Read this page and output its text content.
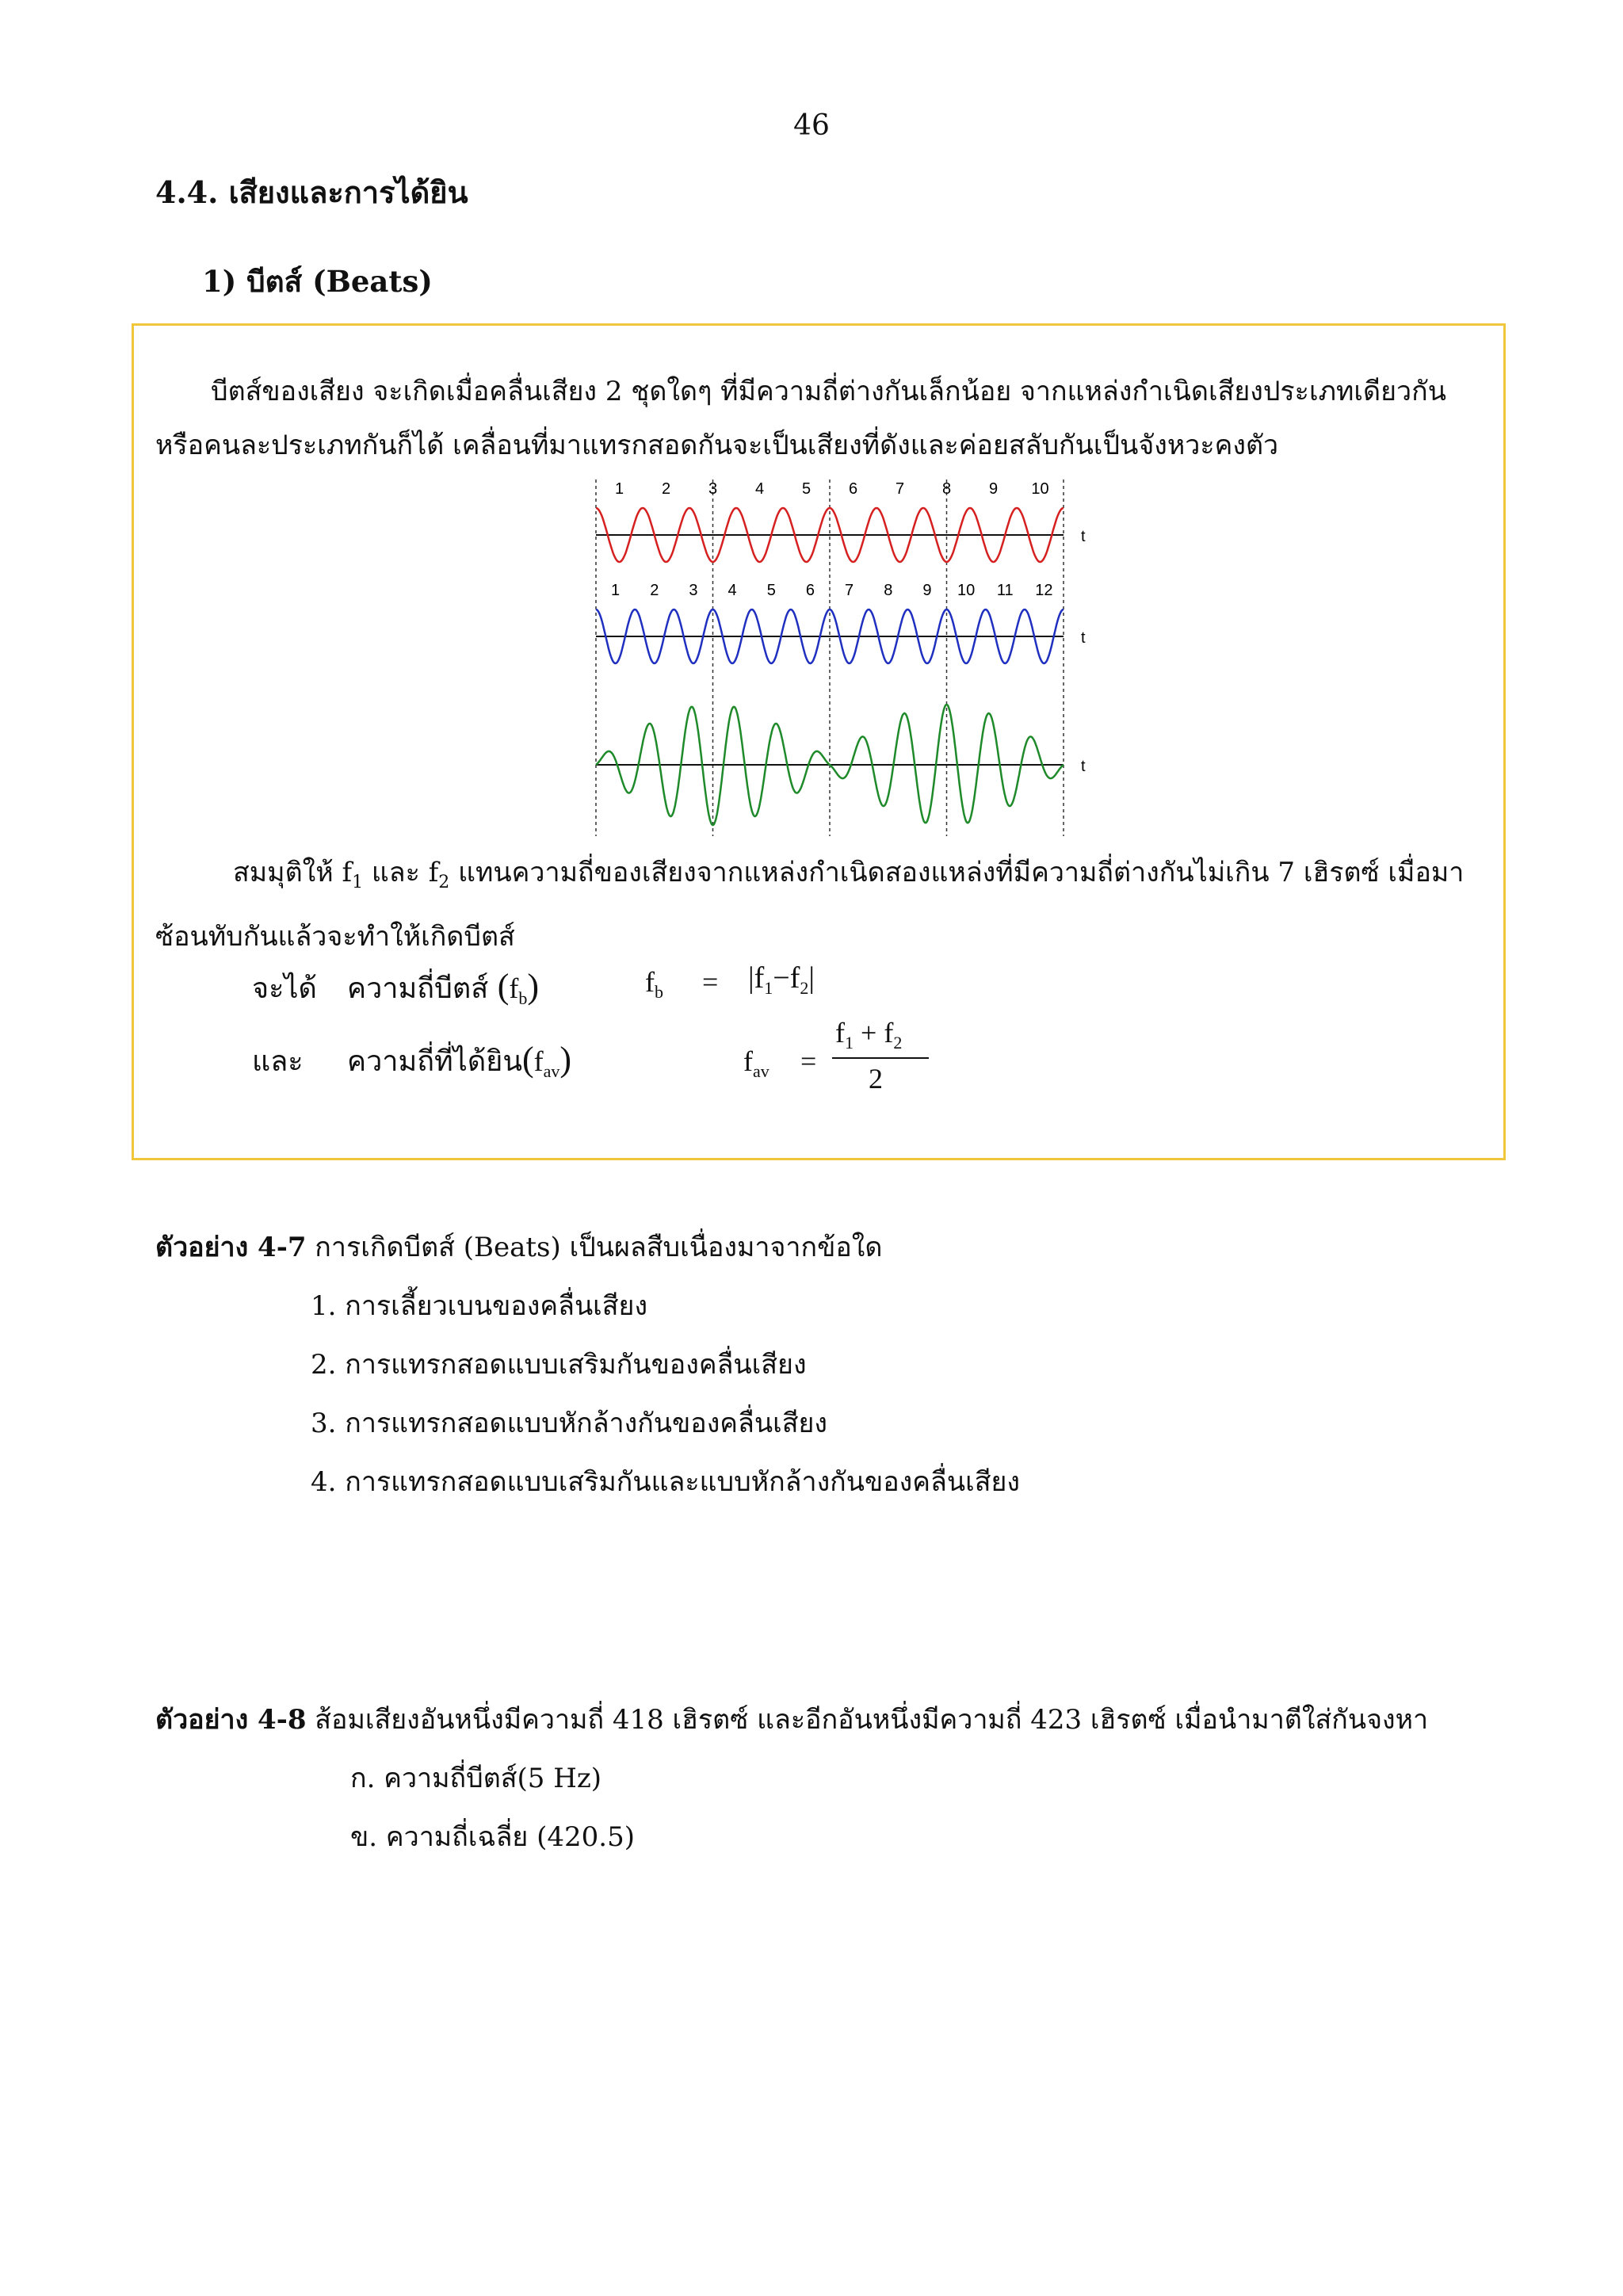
46
4.4. เสียงและการได้ยิน
1) บีตส์ (Beats)
บีตส์ของเสียง จะเกิดเมื่อคลื่นเสียง 2 ชุดใดๆ ที่มีความถี่ต่างกันเล็กน้อย จากแหล่งกำเนิดเสียงประเภทเดียวกัน หรือคนละประเภทกันก็ได้ เคลื่อนที่มาแทรกสอดกันจะเป็นเสียงที่ดังและค่อยสลับกันเป็นจังหวะคงตัว
t
1 2 3 4 5 6 7 8 9 10
t
1 2 3 4 5 6 7 8 9 10 11 12
t
สมมุติให้ $f_1$ และ $f_2$ แทนความถี่ของเสียงจากแหล่งกำเนิดสองแหล่งที่มีความถี่ต่างกันไม่เกิน 7 เฮิรตซ์ เมื่อมาซ้อนทับกันแล้วจะทำให้เกิดบีตส์
จะได้ ความถี่บีตส์ $(f_b)$	$f_b = |f_1-f_2|$
และ ความถี่ที่ได้ยิน$(f_{av})$	$f_{av}$ =
$f_1 + f_2$
2
ตัวอย่าง 4-7 การเกิดบีตส์ (Beats) เป็นผลสืบเนื่องมาจากข้อใด
1. การเลี้ยวเบนของคลื่นเสียง
2. การแทรกสอดแบบเสริมกันของคลื่นเสียง
3. การแทรกสอดแบบหักล้างกันของคลื่นเสียง
4. การแทรกสอดแบบเสริมกันและแบบหักล้างกันของคลื่นเสียง
ตัวอย่าง 4-8 ส้อมเสียงอันหนึ่งมีความถี่ 418 เฮิรตซ์ และอีกอันหนึ่งมีความถี่ 423 เฮิรตซ์ เมื่อนำมาตีใส่กันจงหา
ก. ความถี่บีตส์(5 Hz)
ข. ความถี่เฉลี่ย (420.5)
